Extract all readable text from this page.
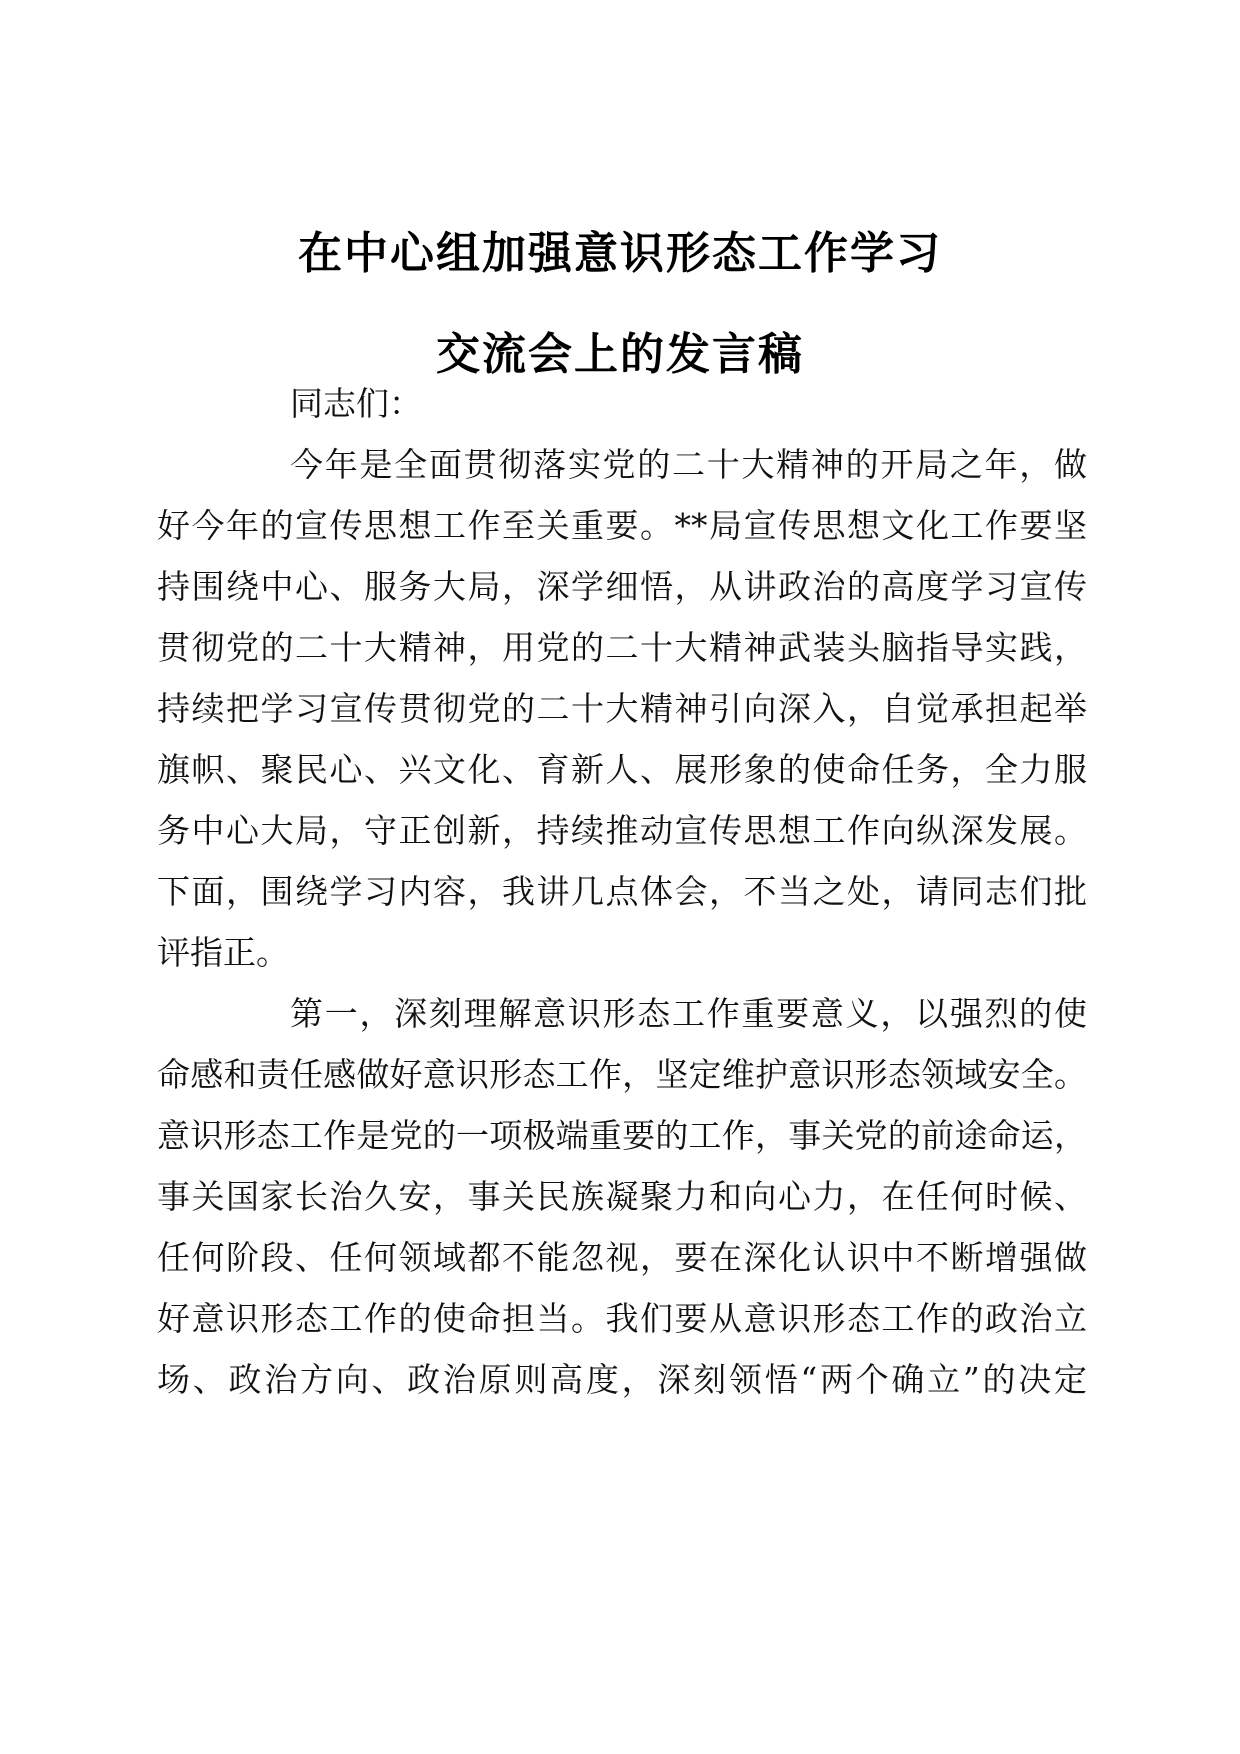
在中心组加强意识形态工作学习
交流会上的发言稿
同志们：
今年是全面贯彻落实党的二十大精神的开局之年，做
好今年的宣传思想工作至关重要。**局宣传思想文化工作要坚
持围绕中心、服务大局，深学细悟，从讲政治的高度学习宣传
贯彻党的二十大精神，用党的二十大精神武装头脑指导实践，
持续把学习宣传贯彻党的二十大精神引向深入，自觉承担起举
旗帜、聚民心、兴文化、育新人、展形象的使命任务，全力服
务中心大局，守正创新，持续推动宣传思想工作向纵深发展。
下面，围绕学习内容，我讲几点体会，不当之处，请同志们批
评指正。
第一，深刻理解意识形态工作重要意义，以强烈的使
命感和责任感做好意识形态工作，坚定维护意识形态领域安全。
意识形态工作是党的一项极端重要的工作，事关党的前途命运，
事关国家长治久安，事关民族凝聚力和向心力，在任何时候、
任何阶段、任何领域都不能忽视，要在深化认识中不断增强做
好意识形态工作的使命担当。我们要从意识形态工作的政治立
场、政治方向、政治原则高度，深刻领悟“两个确立”的决定
